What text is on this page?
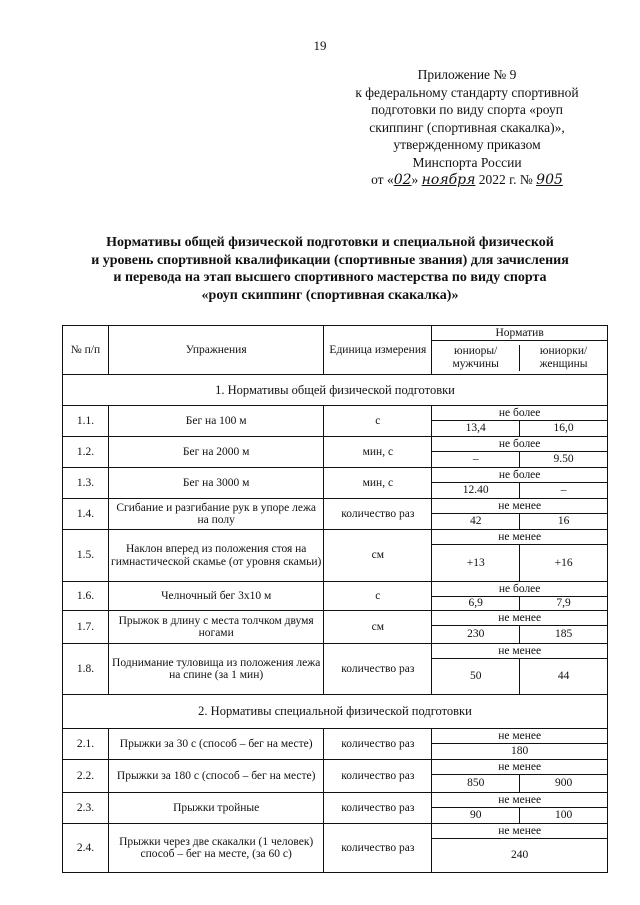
19
Приложение № 9
к федеральному стандарту спортивной
подготовки по виду спорта «роуп
скиппинг (спортивная скакалка)»,
утвержденному приказом
Минспорта России
от «02» ноября 2022 г. № 905
Нормативы общей физической подготовки и специальной физической
и уровень спортивной квалификации (спортивные звания) для зачисления
и перевода на этап высшего спортивного мастерства по виду спорта
«роуп скиппинг (спортивная скакалка)»
№ п/п	Упражнения	Единица измерения	Норматив
юниоры/ мужчины
юниорки/ женщины

1. Нормативы общей физической подготовки			
1.1.	Бег на 100 м	с	не более
13,4 16,0

1.2.	Бег на 2000 м	мин, с	не более
– 9.50

1.3.	Бег на 3000 м	мин, с	не более
12.40 –

1.4.	Сгибание и разгибание рук в упоре лежа на полу	количество раз	не менее
42 16

1.5.	Наклон вперед из положения стоя на гимнастической скамье (от уровня скамьи)	см	не менее
+13 +16

1.6.	Челночный бег 3х10 м	с	не более
6,9 7,9

1.7.	Прыжок в длину с места толчком двумя ногами	см	не менее
230 185

1.8.	Поднимание туловища из положения лежа на спине (за 1 мин)	количество раз	не менее
50 44

2. Нормативы специальной физической подготовки			
2.1.	Прыжки за 30 с (способ – бег на месте)	количество раз	не менее
180

2.2.	Прыжки за 180 с (способ – бег на месте)	количество раз	не менее
850 900

2.3.	Прыжки тройные	количество раз	не менее
90 100

2.4.	Прыжки через две скакалки (1 человек) способ – бег на месте, (за 60 с)	количество раз	не менее
240
